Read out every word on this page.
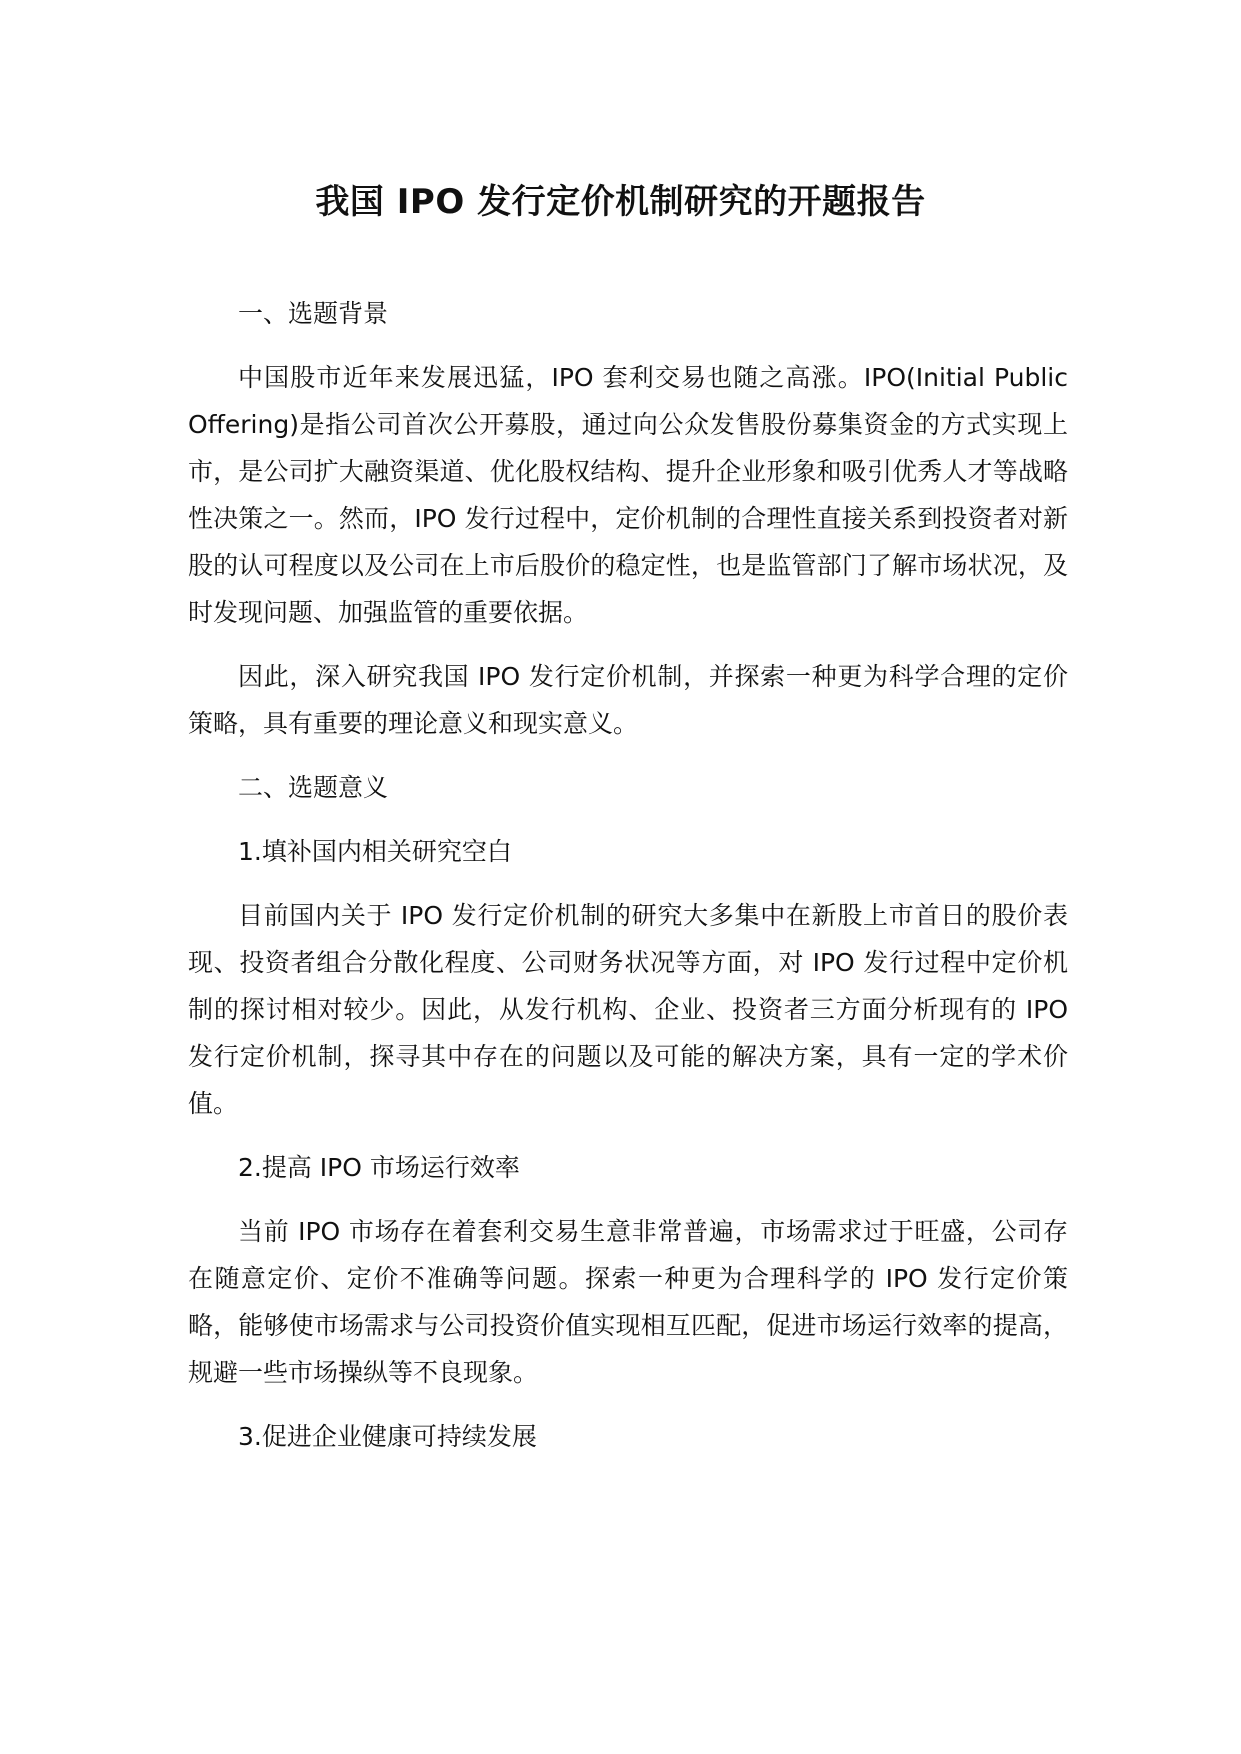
我国 IPO 发行定价机制研究的开题报告

一、选题背景

中国股市近年来发展迅猛，IPO 套利交易也随之高涨。IPO(Initial Public Offering)是指公司首次公开募股，通过向公众发售股份募集资金的方式实现上市，是公司扩大融资渠道、优化股权结构、提升企业形象和吸引优秀人才等战略性决策之一。然而，IPO 发行过程中，定价机制的合理性直接关系到投资者对新股的认可程度以及公司在上市后股价的稳定性，也是监管部门了解市场状况，及时发现问题、加强监管的重要依据。

因此，深入研究我国 IPO 发行定价机制，并探索一种更为科学合理的定价策略，具有重要的理论意义和现实意义。

二、选题意义

1.填补国内相关研究空白

目前国内关于 IPO 发行定价机制的研究大多集中在新股上市首日的股价表现、投资者组合分散化程度、公司财务状况等方面，对 IPO 发行过程中定价机制的探讨相对较少。因此，从发行机构、企业、投资者三方面分析现有的 IPO 发行定价机制，探寻其中存在的问题以及可能的解决方案，具有一定的学术价值。

2.提高 IPO 市场运行效率

当前 IPO 市场存在着套利交易生意非常普遍，市场需求过于旺盛，公司存在随意定价、定价不准确等问题。探索一种更为合理科学的 IPO 发行定价策略，能够使市场需求与公司投资价值实现相互匹配，促进市场运行效率的提高，规避一些市场操纵等不良现象。

3.促进企业健康可持续发展
